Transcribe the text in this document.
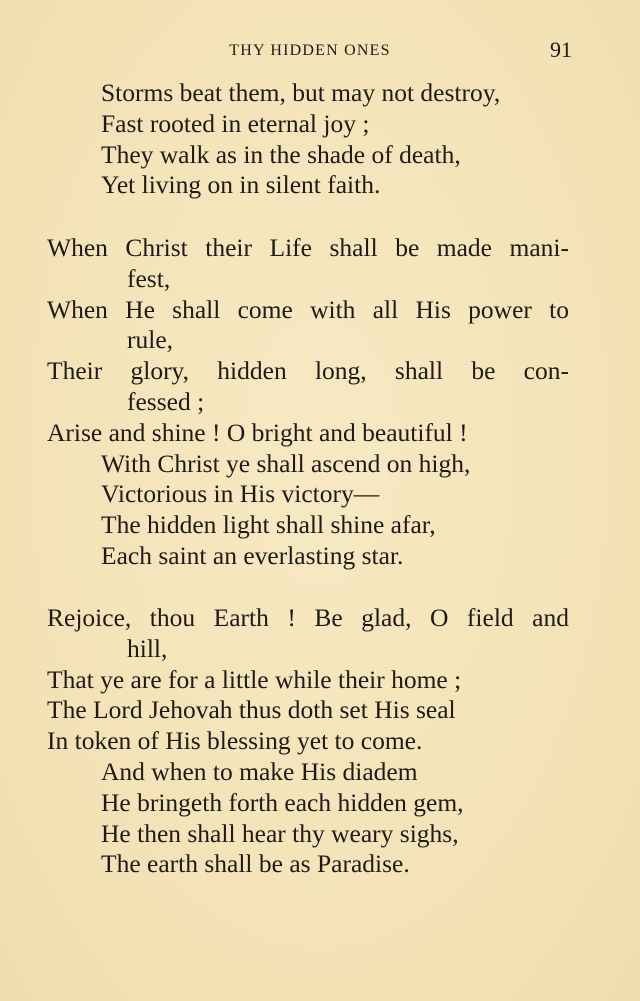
THY HIDDEN ONES	91
Storms beat them, but may not destroy,
Fast rooted in eternal joy ;
They walk as in the shade of death,
Yet living on in silent faith.
When Christ their Life shall be made mani-
fest,
When He shall come with all His power to
rule,
Their glory, hidden long, shall be con-
fessed ;
Arise and shine ! O bright and beautiful !
With Christ ye shall ascend on high,
Victorious in His victory—
The hidden light shall shine afar,
Each saint an everlasting star.
Rejoice, thou Earth ! Be glad, O field and
hill,
That ye are for a little while their home ;
The Lord Jehovah thus doth set His seal
In token of His blessing yet to come.
And when to make His diadem
He bringeth forth each hidden gem,
He then shall hear thy weary sighs,
The earth shall be as Paradise.
